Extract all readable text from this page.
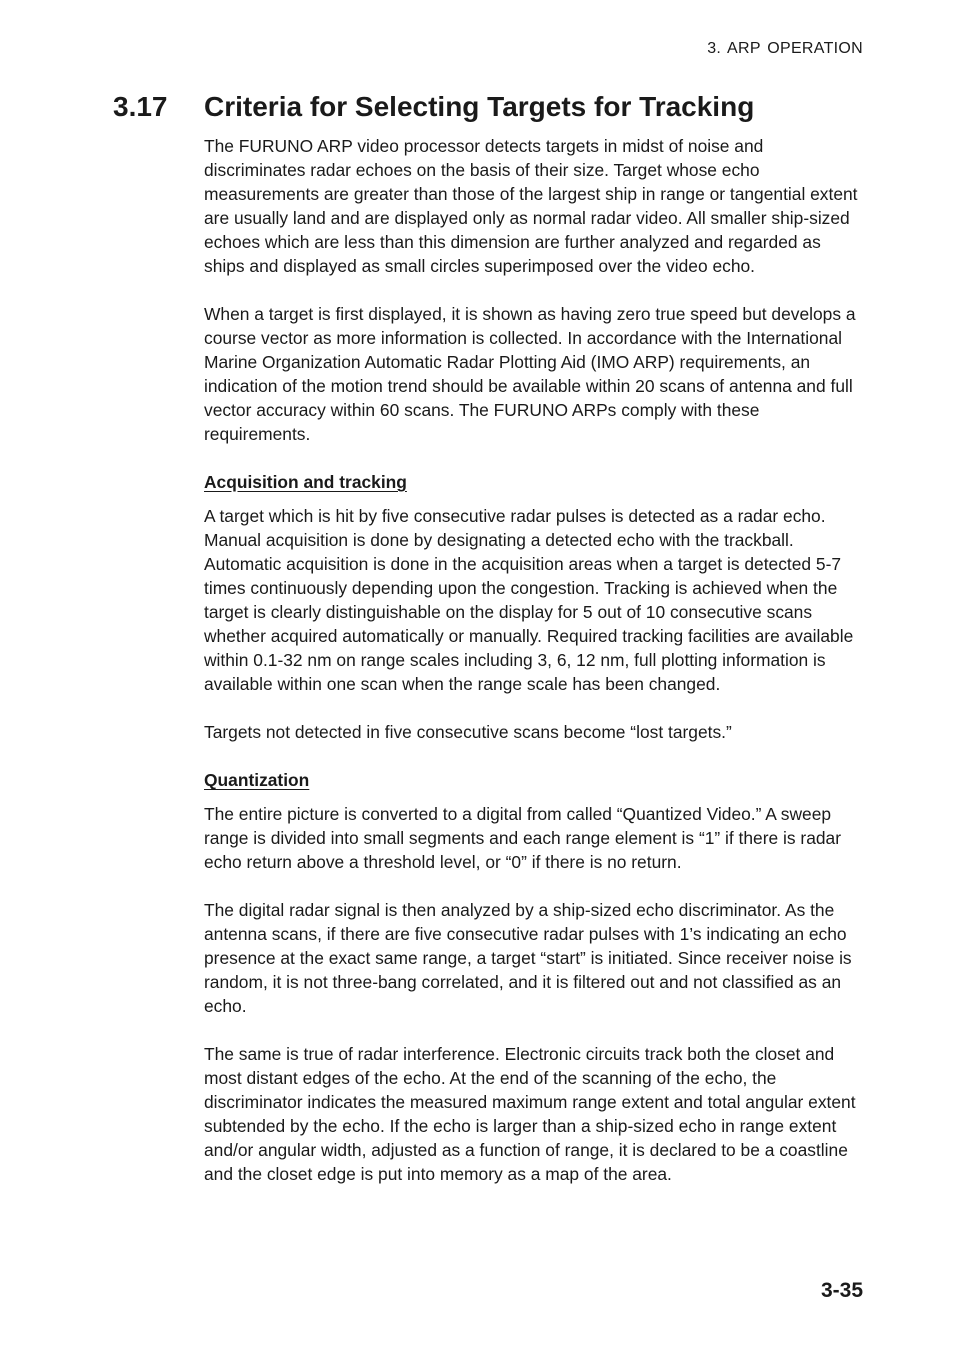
3. ARP OPERATION
3.17 Criteria for Selecting Targets for Tracking

The FURUNO ARP video processor detects targets in midst of noise and discriminates radar echoes on the basis of their size. Target whose echo measurements are greater than those of the largest ship in range or tangential extent are usually land and are displayed only as normal radar video. All smaller ship-sized echoes which are less than this dimension are further analyzed and regarded as ships and displayed as small circles superimposed over the video echo.

When a target is first displayed, it is shown as having zero true speed but develops a course vector as more information is collected. In accordance with the International Marine Organization Automatic Radar Plotting Aid (IMO ARP) requirements, an indication of the motion trend should be available within 20 scans of antenna and full vector accuracy within 60 scans. The FURUNO ARPs comply with these requirements.

Acquisition and tracking

A target which is hit by five consecutive radar pulses is detected as a radar echo. Manual acquisition is done by designating a detected echo with the trackball. Automatic acquisition is done in the acquisition areas when a target is detected 5-7 times continuously depending upon the congestion. Tracking is achieved when the target is clearly distinguishable on the display for 5 out of 10 consecutive scans whether acquired automatically or manually. Required tracking facilities are available within 0.1-32 nm on range scales including 3, 6, 12 nm, full plotting information is available within one scan when the range scale has been changed.

Targets not detected in five consecutive scans become “lost targets.”

Quantization

The entire picture is converted to a digital from called “Quantized Video.” A sweep range is divided into small segments and each range element is “1” if there is radar echo return above a threshold level, or “0” if there is no return.

The digital radar signal is then analyzed by a ship-sized echo discriminator. As the antenna scans, if there are five consecutive radar pulses with 1’s indicating an echo presence at the exact same range, a target “start” is initiated. Since receiver noise is random, it is not three-bang correlated, and it is filtered out and not classified as an echo.

The same is true of radar interference. Electronic circuits track both the closet and most distant edges of the echo. At the end of the scanning of the echo, the discriminator indicates the measured maximum range extent and total angular extent subtended by the echo. If the echo is larger than a ship-sized echo in range extent and/or angular width, adjusted as a function of range, it is declared to be a coastline and the closet edge is put into memory as a map of the area.

3-35
